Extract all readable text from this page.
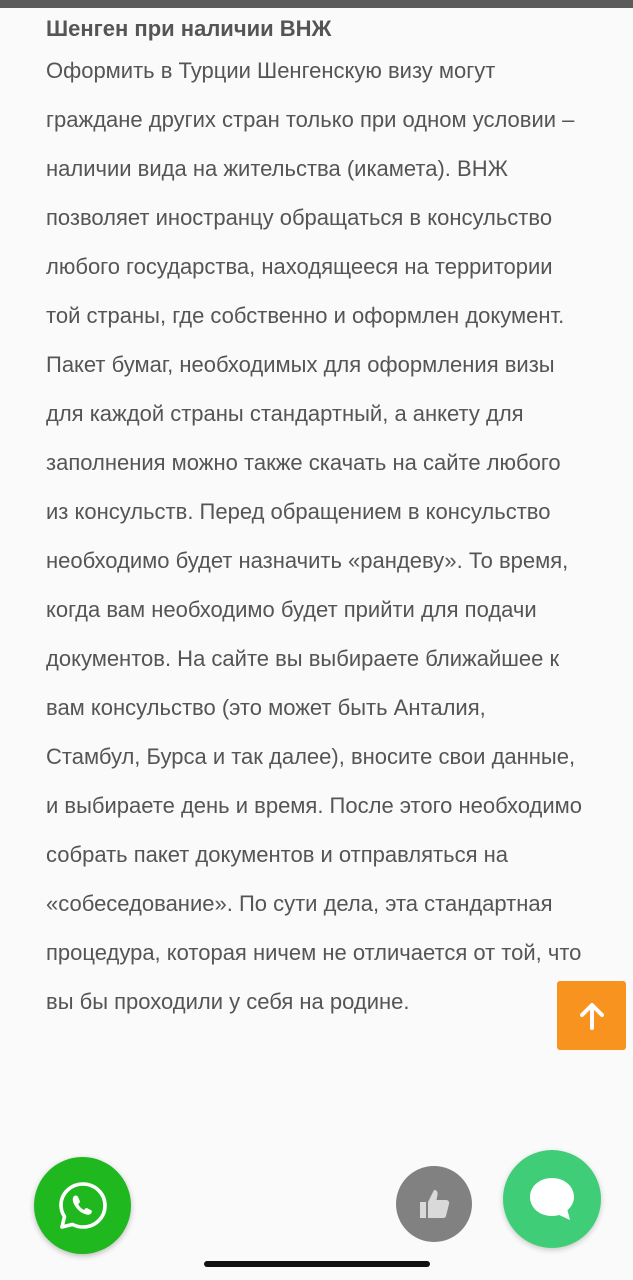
Шенген при наличии ВНЖ

Оформить в Турции Шенгенскую визу могут граждане других стран только при одном условии – наличии вида на жительства (икамета). ВНЖ позволяет иностранцу обращаться в консульство любого государства, находящееся на территории той страны, где собственно и оформлен документ.

Пакет бумаг, необходимых для оформления визы для каждой страны стандартный, а анкету для заполнения можно также скачать на сайте любого из консульств. Перед обращением в консульство необходимо будет назначить «рандеву». То время, когда вам необходимо будет прийти для подачи документов. На сайте вы выбираете ближайшее к вам консульство (это может быть Анталия, Стамбул, Бурса и так далее), вносите свои данные, и выбираете день и время. После этого необходимо собрать пакет документов и отправляться на «собеседование». По сути дела, эта стандартная процедура, которая ничем не отличается от той, что вы бы проходили у себя на родине.
